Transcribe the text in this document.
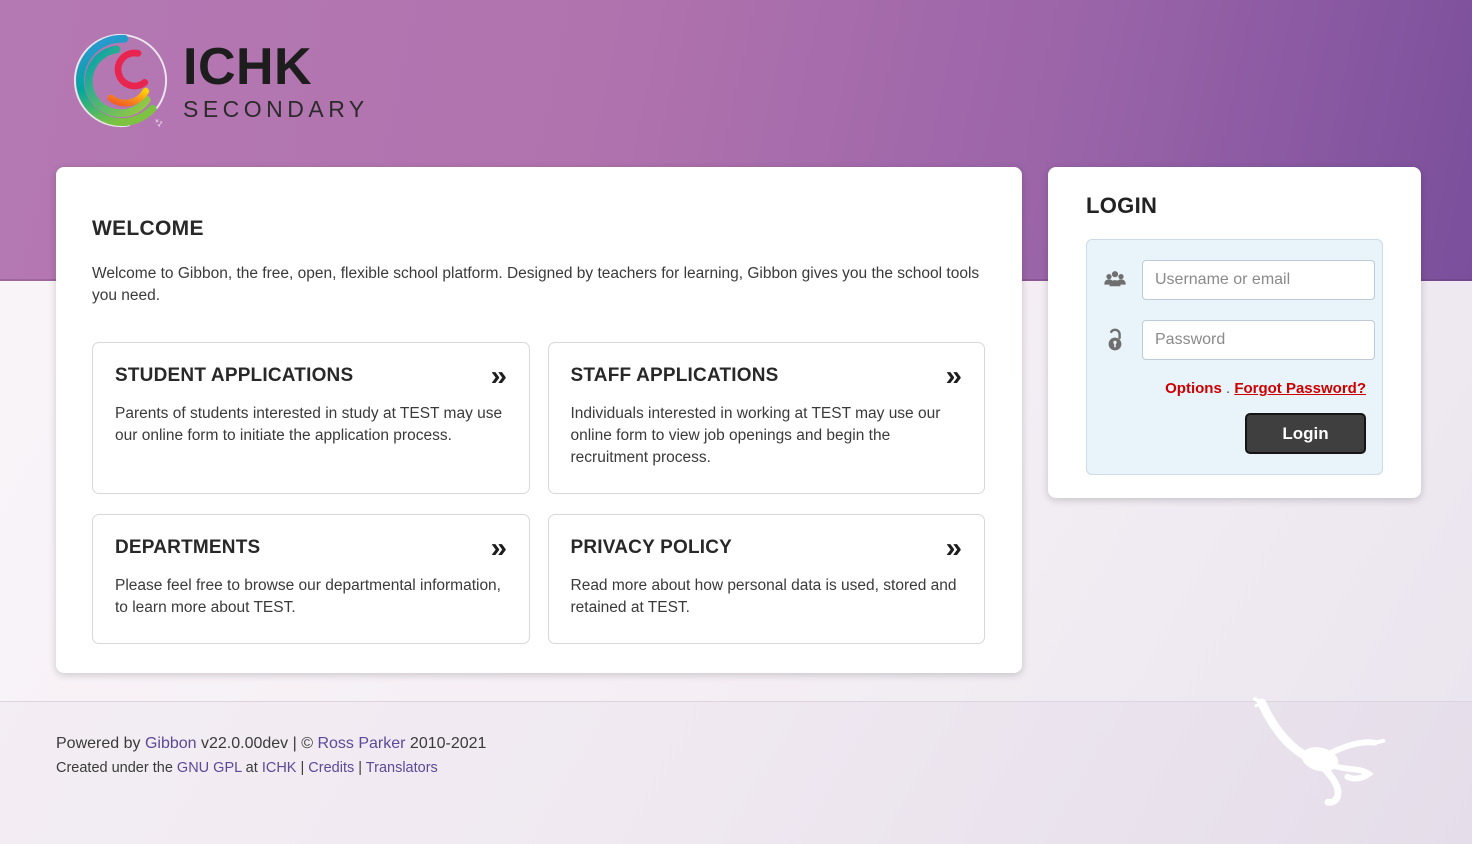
+1
ICHK
SECONDARY
WELCOME

Welcome to Gibbon, the free, open, flexible school platform. Designed by teachers for learning, Gibbon gives you the school tools you need.

STUDENT APPLICATIONS	»
Parents of students interested in study at TEST may use our online form to initiate the application process.
STAFF APPLICATIONS	»
Individuals interested in working at TEST may use our online form to view job openings and begin the recruitment process.
DEPARTMENTS	»
Please feel free to browse our departmental information, to learn more about TEST.
PRIVACY POLICY	»
Read more about how personal data is used, stored and retained at TEST.
LOGIN
Username or email
Options . Forgot Password?
Login
Powered by Gibbon v22.0.00dev | © Ross Parker 2010-2021
Created under the GNU GPL at ICHK | Credits | Translators
